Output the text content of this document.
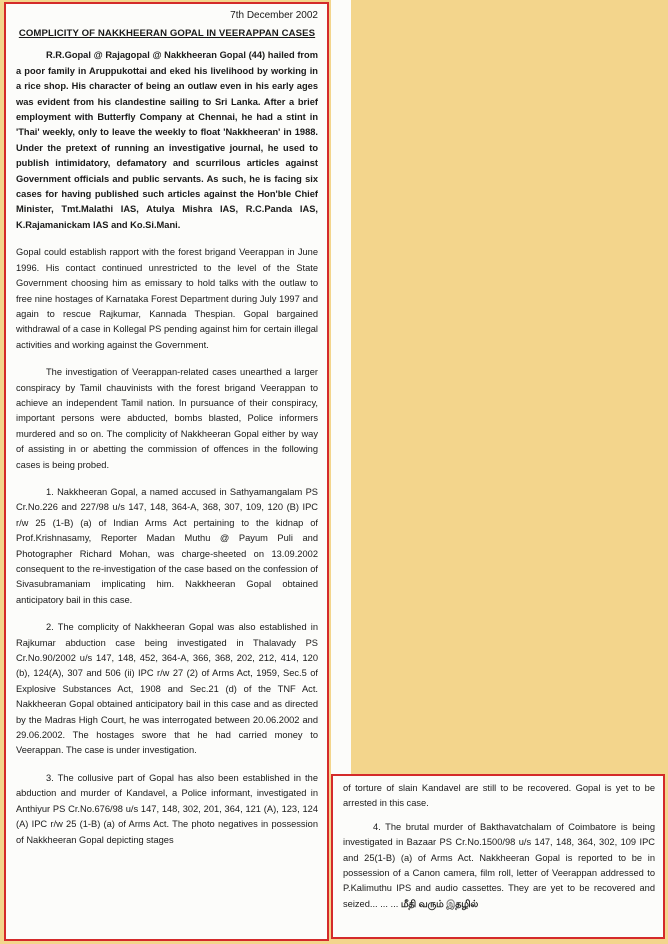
7th December 2002

COMPLICITY OF NAKKHEERAN GOPAL IN VEERAPPAN CASES

R.R.Gopal @ Rajagopal @ Nakkheeran Gopal (44) hailed from a poor family in Aruppukottai and eked his livelihood by working in a rice shop. His character of being an outlaw even in his early ages was evident from his clandestine sailing to Sri Lanka. After a brief employment with Butterfly Company at Chennai, he had a stint in 'Thai' weekly, only to leave the weekly to float 'Nakkheeran' in 1988. Under the pretext of running an investigative journal, he used to publish intimidatory, defamatory and scurrilous articles against Government officials and public servants. As such, he is facing six cases for having published such articles against the Hon'ble Chief Minister, Tmt.Malathi IAS, Atulya Mishra IAS, R.C.Panda IAS, K.Rajamanickam IAS and Ko.Si.Mani.

Gopal could establish rapport with the forest brigand Veerappan in June 1996. His contact continued unrestricted to the level of the State Government choosing him as emissary to hold talks with the outlaw to free nine hostages of Karnataka Forest Department during July 1997 and again to rescue Rajkumar, Kannada Thespian. Gopal bargained withdrawal of a case in Kollegal PS pending against him for certain illegal activities and working against the Government.

The investigation of Veerappan-related cases unearthed a larger conspiracy by Tamil chauvinists with the forest brigand Veerappan to achieve an independent Tamil nation. In pursuance of their conspiracy, important persons were abducted, bombs blasted, Police informers murdered and so on. The complicity of Nakkheeran Gopal either by way of assisting in or abetting the commission of offences in the following cases is being probed.

1. Nakkheeran Gopal, a named accused in Sathyamangalam PS Cr.No.226 and 227/98 u/s 147, 148, 364-A, 368, 307, 109, 120 (B) IPC r/w 25 (1-B) (a) of Indian Arms Act pertaining to the kidnap of Prof.Krishnasamy, Reporter Madan Muthu @ Payum Puli and Photographer Richard Mohan, was charge-sheeted on 13.09.2002 consequent to the re-investigation of the case based on the confession of Sivasubramaniam implicating him. Nakkheeran Gopal obtained anticipatory bail in this case.

2. The complicity of Nakkheeran Gopal was also established in Rajkumar abduction case being investigated in Thalavady PS Cr.No.90/2002 u/s 147, 148, 452, 364-A, 366, 368, 202, 212, 414, 120 (b), 124(A), 307 and 506 (ii) IPC r/w 27 (2) of Arms Act, 1959, Sec.5 of Explosive Substances Act, 1908 and Sec.21 (d) of the TNF Act. Nakkheeran Gopal obtained anticipatory bail in this case and as directed by the Madras High Court, he was interrogated between 20.06.2002 and 29.06.2002. The hostages swore that he had carried money to Veerappan. The case is under investigation.

3. The collusive part of Gopal has also been established in the abduction and murder of Kandavel, a Police informant, investigated in Anthiyur PS Cr.No.676/98 u/s 147, 148, 302, 201, 364, 121 (A), 123, 124 (A) IPC r/w 25 (1-B) (a) of Arms Act. The photo negatives in possession of Nakkheeran Gopal depicting stages

of torture of slain Kandavel are still to be recovered. Gopal is yet to be arrested in this case.

4. The brutal murder of Bakthavatchalam of Coimbatore is being investigated in Bazaar PS Cr.No.1500/98 u/s 147, 148, 364, 302, 109 IPC and 25(1-B) (a) of Arms Act. Nakkheeran Gopal is reported to be in possession of a Canon camera, film roll, letter of Veerappan addressed to P.Kalimuthu IPS and audio cassettes. They are yet to be recovered and seized... ... ... மீதி வரும் இதழில்
